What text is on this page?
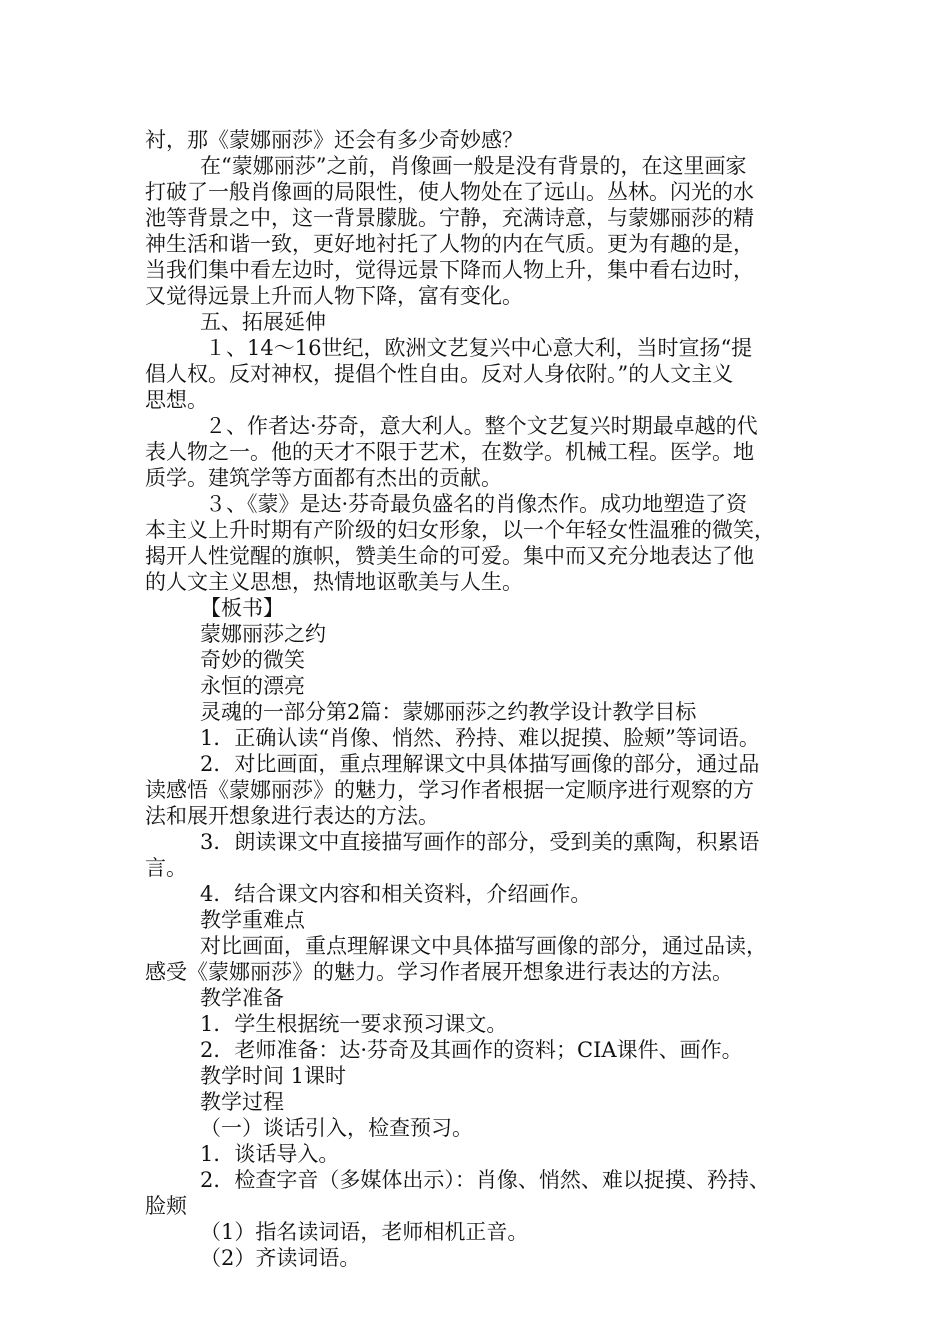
衬，那《蒙娜丽莎》还会有多少奇妙感？
在“蒙娜丽莎”之前，肖像画一般是没有背景的，在这里画家
打破了一般肖像画的局限性，使人物处在了远山。丛林。闪光的水
池等背景之中，这一背景朦胧。宁静，充满诗意，与蒙娜丽莎的精
神生活和谐一致，更好地衬托了人物的内在气质。更为有趣的是，
当我们集中看左边时，觉得远景下降而人物上升，集中看右边时，
又觉得远景上升而人物下降，富有变化。
五、拓展延伸
１、14～16世纪，欧洲文艺复兴中心意大利，当时宣扬“提
倡人权。反对神权，提倡个性自由。反对人身依附。”的人文主义
思想。
２、作者达·芬奇，意大利人。整个文艺复兴时期最卓越的代
表人物之一。他的天才不限于艺术，在数学。机械工程。医学。地
质学。建筑学等方面都有杰出的贡献。
３、《蒙》是达·芬奇最负盛名的肖像杰作。成功地塑造了资
本主义上升时期有产阶级的妇女形象，以一个年轻女性温雅的微笑，
揭开人性觉醒的旗帜，赞美生命的可爱。集中而又充分地表达了他
的人文主义思想，热情地讴歌美与人生。
【板书】
蒙娜丽莎之约
奇妙的微笑
永恒的漂亮
灵魂的一部分第2篇：蒙娜丽莎之约教学设计教学目标
1．正确认读“肖像、悄然、矜持、难以捉摸、脸颊”等词语。
2．对比画面，重点理解课文中具体描写画像的部分，通过品
读感悟《蒙娜丽莎》的魅力，学习作者根据一定顺序进行观察的方
法和展开想象进行表达的方法。
3．朗读课文中直接描写画作的部分，受到美的熏陶，积累语
言。
4．结合课文内容和相关资料，介绍画作。
教学重难点
对比画面，重点理解课文中具体描写画像的部分，通过品读，
感受《蒙娜丽莎》的魅力。学习作者展开想象进行表达的方法。
教学准备
1．学生根据统一要求预习课文。
2．老师准备：达·芬奇及其画作的资料；CIA课件、画作。
教学时间 1课时
教学过程
（一）谈话引入，检查预习。
1．谈话导入。
2．检查字音（多媒体出示）：肖像、悄然、难以捉摸、矜持、
脸颊
（1）指名读词语，老师相机正音。
（2）齐读词语。
